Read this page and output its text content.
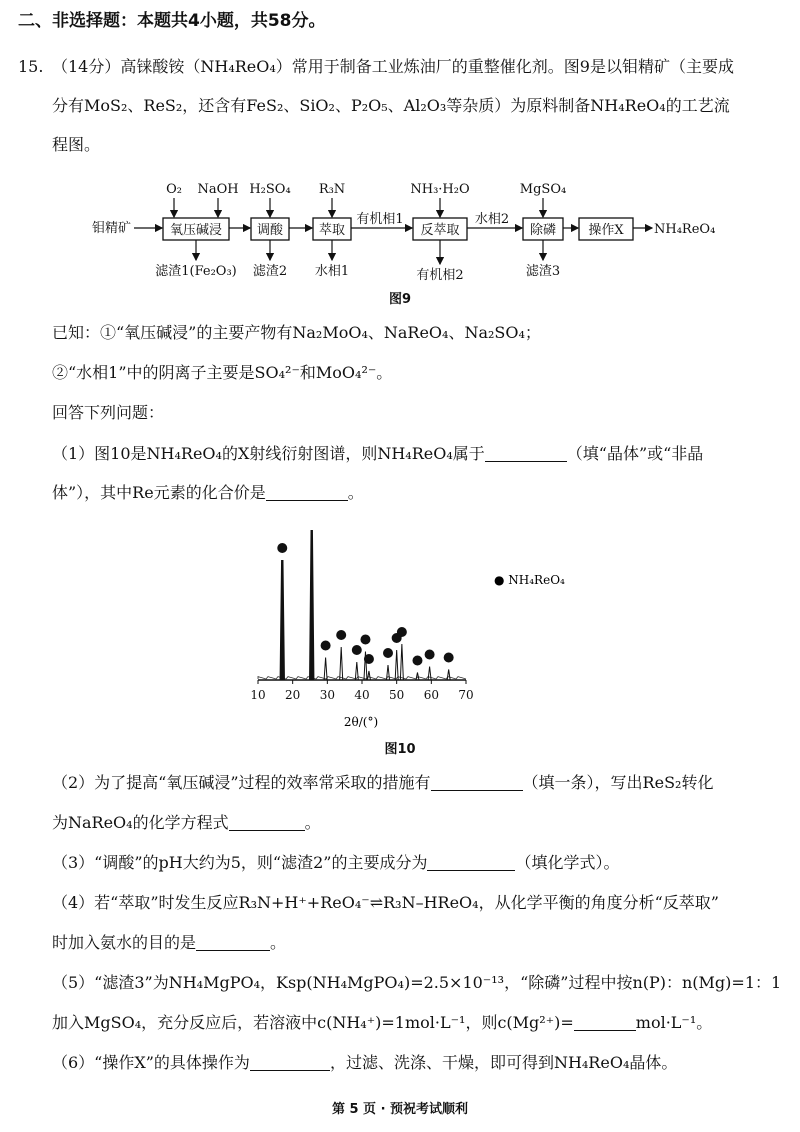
二、非选择题：本题共4小题，共58分。
15. （14分）高铼酸铵（NH₄ReO₄）常用于制备工业炼油厂的重整催化剂。图9是以钼精矿（主要成
分有MoS₂、ReS₂，还含有FeS₂、SiO₂、P₂O₅、Al₂O₃等杂质）为原料制备NH₄ReO₄的工艺流
程图。
钼精矿	氧压碱浸	调酸	萃取
有机相1
反萃取
水相2
除磷 操作X NH₄ReO₄
O₂ NaOH H₂SO₄ R₃N	NH₃·H₂O	MgSO₄
滤渣1(Fe₂O₃) 滤渣2 水相1	有机相2	滤渣3
图9
已知：①“氧压碱浸”的主要产物有Na₂MoO₄、NaReO₄、Na₂SO₄；
②“水相1”中的阴离子主要是SO₄²⁻和MoO₄²⁻。
回答下列问题：
（1）图10是NH₄ReO₄的X射线衍射图谱，则NH₄ReO₄属于	（填“晶体”或“非晶
体”），其中Re元素的化合价是	。
10 20 30 40 50 60 70
2θ/(°)
● NH₄ReO₄
图10
（2）为了提高“氧压碱浸”过程的效率常采取的措施有	（填一条），写出ReS₂转化
为NaReO₄的化学方程式	。
（3）“调酸”的pH大约为5，则“滤渣2”的主要成分为	（填化学式）。
（4）若“萃取”时发生反应R₃N+H⁺+ReO₄⁻⇌R₃N–HReO₄，从化学平衡的角度分析“反萃取”
时加入氨水的目的是	。
（5）“滤渣3”为NH₄MgPO₄，Ksp(NH₄MgPO₄)=2.5×10⁻¹³，“除磷”过程中按n(P)：n(Mg)=1：1
加入MgSO₄，充分反应后，若溶液中c(NH₄⁺)=1mol·L⁻¹，则c(Mg²⁺)=	mol·L⁻¹。
（6）“操作X”的具体操作为	，过滤、洗涤、干燥，即可得到NH₄ReO₄晶体。
第 5 页 · 预祝考试顺利
